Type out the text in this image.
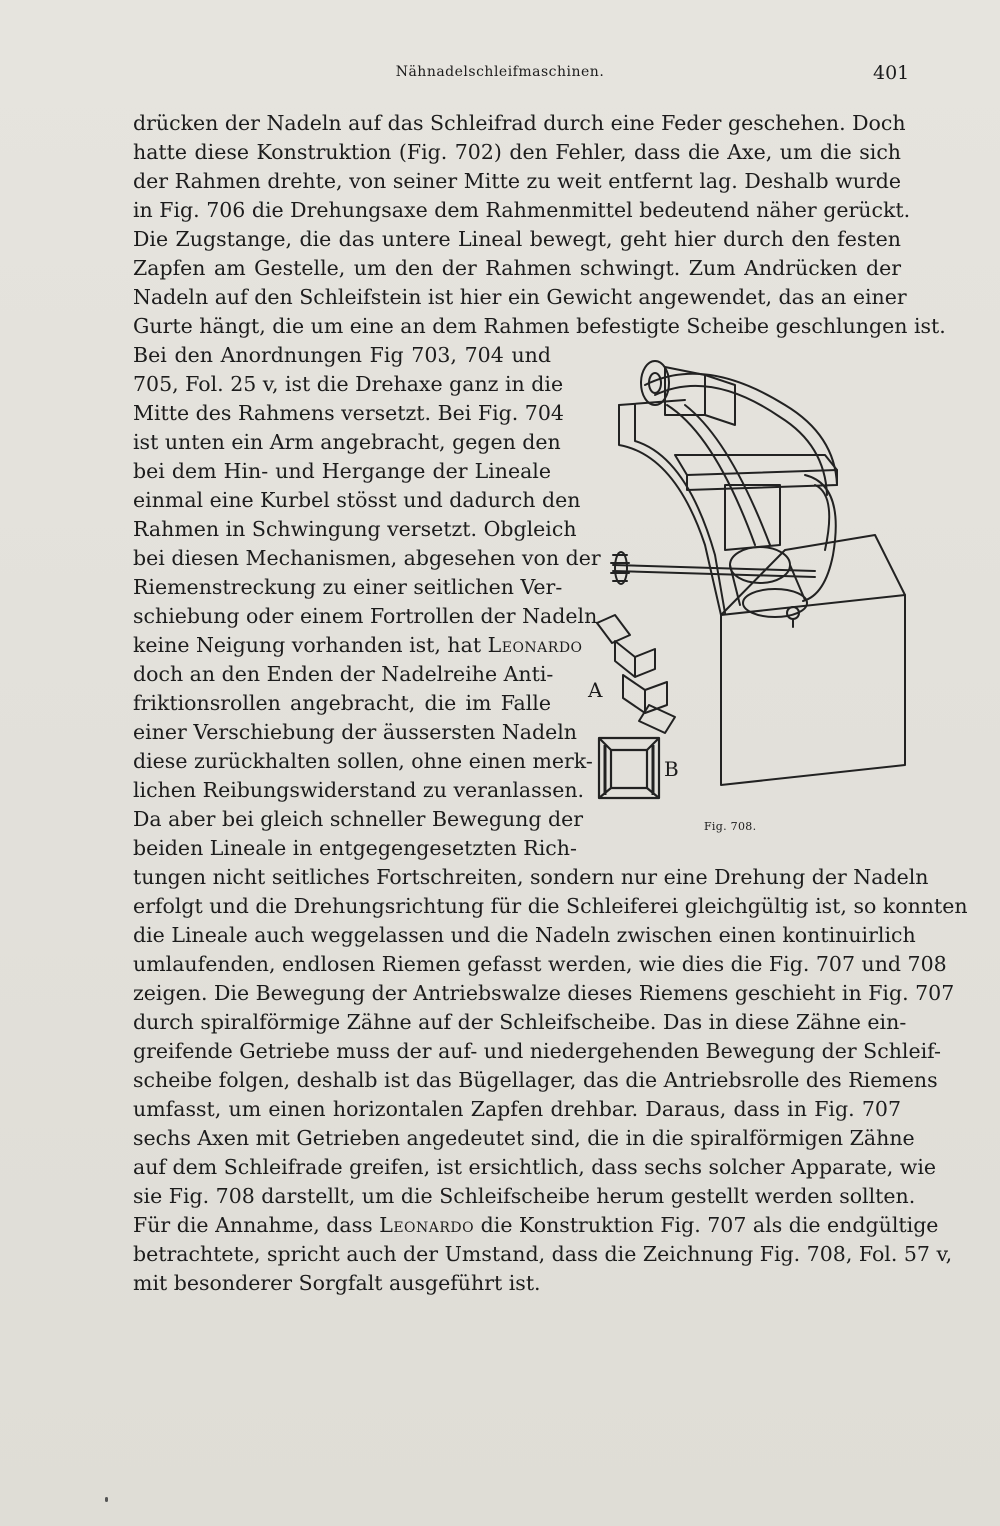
Nähnadelschleifmaschinen.	401
drücken der Nadeln auf das Schleifrad durch eine Feder geschehen. Doch
hatte diese Konstruktion (Fig. 702) den Fehler, dass die Axe, um die sich
der Rahmen drehte, von seiner Mitte zu weit entfernt lag. Deshalb wurde
in Fig. 706 die Drehungsaxe dem Rahmenmittel bedeutend näher gerückt.
Die Zugstange, die das untere Lineal bewegt, geht hier durch den festen
Zapfen am Gestelle, um den der Rahmen schwingt. Zum Andrücken der
Nadeln auf den Schleifstein ist hier ein Gewicht angewendet, das an einer
Gurte hängt, die um eine an dem Rahmen befestigte Scheibe geschlungen ist.
Bei den Anordnungen Fig 703, 704 und
705, Fol. 25 v, ist die Drehaxe ganz in die
Mitte des Rahmens versetzt. Bei Fig. 704
ist unten ein Arm angebracht, gegen den
bei dem Hin- und Hergange der Lineale
einmal eine Kurbel stösst und dadurch den
Rahmen in Schwingung versetzt. Obgleich
bei diesen Mechanismen, abgesehen von der
Riemenstreckung zu einer seitlichen Ver-
schiebung oder einem Fortrollen der Nadeln
keine Neigung vorhanden ist, hat Leonardo
doch an den Enden der Nadelreihe Anti-
friktionsrollen angebracht, die im Falle
einer Verschiebung der äussersten Nadeln
diese zurückhalten sollen, ohne einen merk-
lichen Reibungswiderstand zu veranlassen.
Da aber bei gleich schneller Bewegung der
beiden Lineale in entgegengesetzten Rich-
tungen nicht seitliches Fortschreiten, sondern nur eine Drehung der Nadeln
erfolgt und die Drehungsrichtung für die Schleiferei gleichgültig ist, so konnten
die Lineale auch weggelassen und die Nadeln zwischen einen kontinuirlich
umlaufenden, endlosen Riemen gefasst werden, wie dies die Fig. 707 und 708
zeigen. Die Bewegung der Antriebswalze dieses Riemens geschieht in Fig. 707
durch spiralförmige Zähne auf der Schleifscheibe. Das in diese Zähne ein-
greifende Getriebe muss der auf- und niedergehenden Bewegung der Schleif-
scheibe folgen, deshalb ist das Bügellager, das die Antriebsrolle des Riemens
umfasst, um einen horizontalen Zapfen drehbar. Daraus, dass in Fig. 707
sechs Axen mit Getrieben angedeutet sind, die in die spiralförmigen Zähne
auf dem Schleifrade greifen, ist ersichtlich, dass sechs solcher Apparate, wie
sie Fig. 708 darstellt, um die Schleifscheibe herum gestellt werden sollten.
Für die Annahme, dass Leonardo die Konstruktion Fig. 707 als die endgültige
betrachtete, spricht auch der Umstand, dass die Zeichnung Fig. 708, Fol. 57 v,
mit besonderer Sorgfalt ausgeführt ist.
A
B
Fig. 708.
